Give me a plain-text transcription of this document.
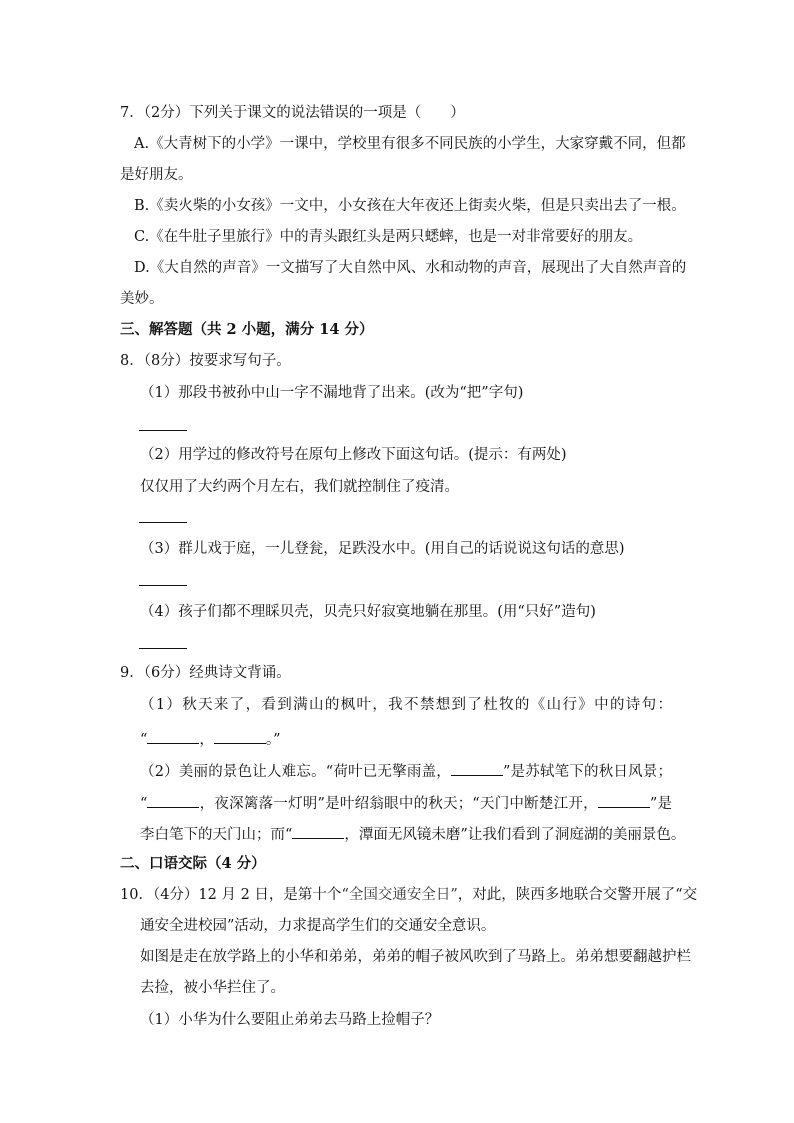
7．（2分）下列关于课文的说法错误的一项是（　　）
A.《大青树下的小学》一课中，学校里有很多不同民族的小学生，大家穿戴不同，但都
是好朋友。
B.《卖火柴的小女孩》一文中，小女孩在大年夜还上街卖火柴，但是只卖出去了一根。
C.《在牛肚子里旅行》中的青头跟红头是两只蟋蟀，也是一对非常要好的朋友。
D.《大自然的声音》一文描写了大自然中风、水和动物的声音，展现出了大自然声音的
美妙。
三、解答题（共 2 小题，满分 14 分）
8．（8分）按要求写句子。
（1）那段书被孙中山一字不漏地背了出来。(改为“把”字句)
（2）用学过的修改符号在原句上修改下面这句话。(提示：有两处)
仅仅用了大约两个月左右，我们就控制住了疫清。
（3）群儿戏于庭，一儿登瓮，足跌没水中。(用自己的话说说这句话的意思)
（4）孩子们都不理睬贝壳，贝壳只好寂寞地躺在那里。(用“只好”造句)
9．（6分）经典诗文背诵。
（1）秋天来了，看到满山的枫叶，我不禁想到了杜牧的《山行》中的诗句：
“	，	。”
（2）美丽的景色让人难忘。“荷叶已无擎雨盖，	”是苏轼笔下的秋日风景；
“	，夜深篱落一灯明”是叶绍翁眼中的秋天；“天门中断楚江开，	”是
李白笔下的天门山；而“	，潭面无风镜未磨”让我们看到了洞庭湖的美丽景色。
二、口语交际（4 分）
10．（4分）12 月 2 日，是第十个“全国交通安全日”，对此，陕西多地联合交警开展了“交
通安全进校园”活动，力求提高学生们的交通安全意识。
如图是走在放学路上的小华和弟弟，弟弟的帽子被风吹到了马路上。弟弟想要翻越护栏
去捡，被小华拦住了。
（1）小华为什么要阻止弟弟去马路上捡帽子？
